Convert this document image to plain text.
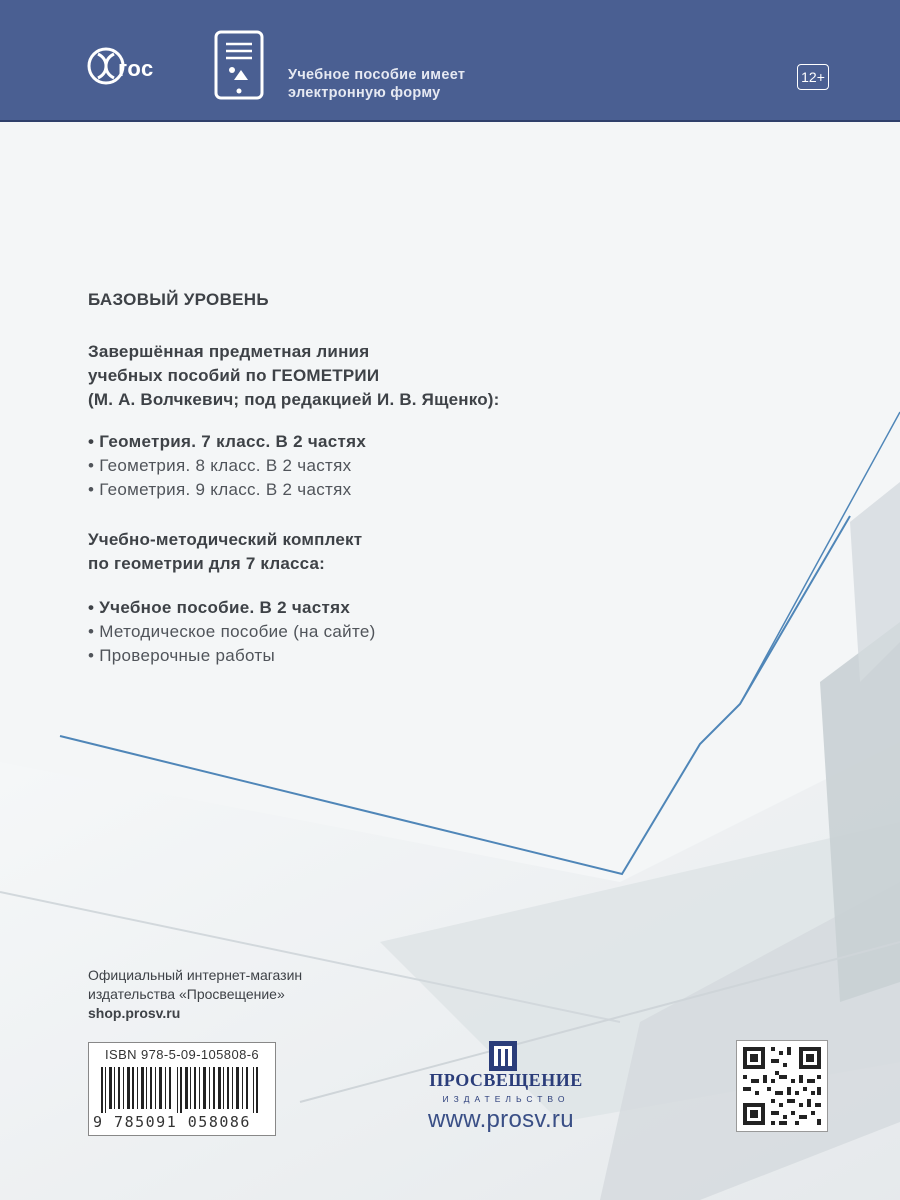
гос	Учебное пособие имеет
электронную форму
12+
БАЗОВЫЙ УРОВЕНЬ
Завершённая предметная линия
учебных пособий по ГЕОМЕТРИИ
(М. А. Волчкевич; под редакцией И. В. Ященко):
• Геометрия. 7 класс. В 2 частях
• Геометрия. 8 класс. В 2 частях
• Геометрия. 9 класс. В 2 частях
Учебно-методический комплект
по геометрии для 7 класса:
• Учебное пособие. В 2 частях
• Методическое пособие (на сайте)
• Проверочные работы
Официальный интернет-магазин
издательства «Просвещение»
shop.prosv.ru
ISBN 978-5-09-105808-6
9 785091 058086
ПРОСВЕЩЕНИЕ
ИЗДАТЕЛЬСТВО
www.prosv.ru
